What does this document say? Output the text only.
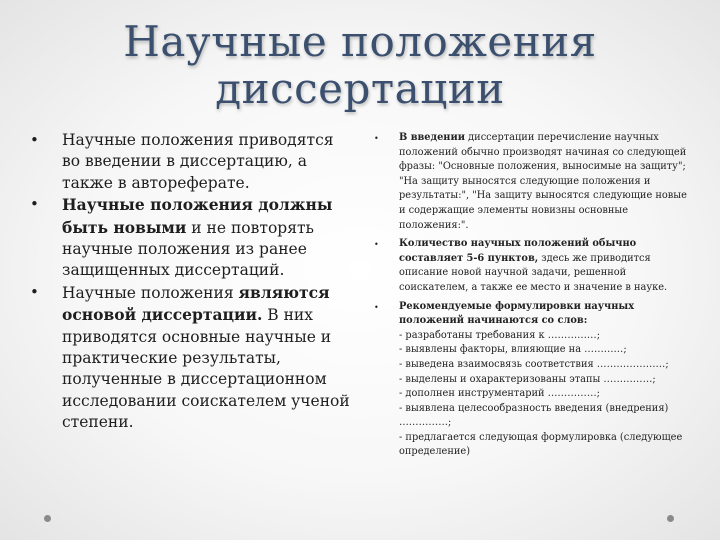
Научные положения
диссертации
• Научные положения приводятся во введении в диссертацию, а также в автореферате.
• Научные положения должны быть новыми и не повторять научные положения из ранее защищенных диссертаций.
• Научные положения являются основой диссертации. В них приводятся основные научные и практические результаты, полученные в диссертационном исследовании соискателем ученой степени.
• В введении диссертации перечисление научных положений обычно производят начиная со следующей фразы: "Основные положения, выносимые на защиту"; "На защиту выносятся следующие положения и результаты:", "На защиту выносятся следующие новые и содержащие элементы новизны основные положения:".
• Количество научных положений обычно составляет 5-6 пунктов, здесь же приводится описание новой научной задачи, решенной соискателем, а также ее место и значение в науке.
• Рекомендуемые формулировки научных положений начинаются со слов:
- разработаны требования к ……………;
- выявлены факторы, влияющие на …………;
- выведена взаимосвязь соответствия …………………;
- выделены и охарактеризованы этапы ……………;
- дополнен инструментарий ……………;
- выявлена целесообразность введения (внедрения) ……………;
- предлагается следующая формулировка (следующее определение)
